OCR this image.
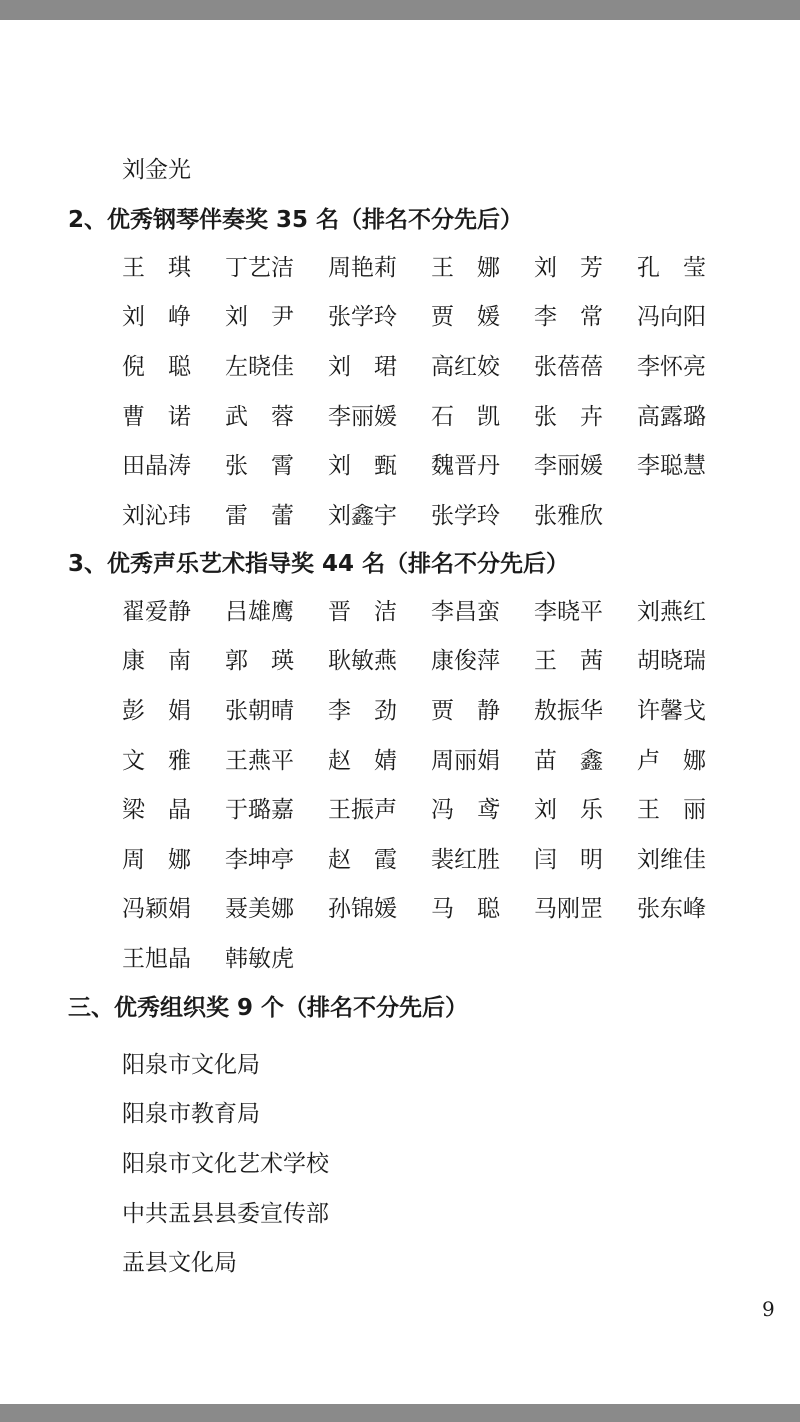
刘金光
2、优秀钢琴伴奏奖 35 名（排名不分先后）
王　琪	丁艺洁	周艳莉	王　娜	刘　芳	孔　莹
刘　峥	刘　尹	张学玲	贾　媛	李　常	冯向阳
倪　聪	左晓佳	刘　珺	高红姣	张蓓蓓	李怀亮
曹　诺	武　蓉	李丽媛	石　凯	张　卉	高露璐
田晶涛	张　霄	刘　甄	魏晋丹	李丽媛	李聪慧
刘沁玮	雷　蕾	刘鑫宇	张学玲	张雅欣
3、优秀声乐艺术指导奖 44 名（排名不分先后）
翟爱静	吕雄鹰	晋　洁	李昌蛮	李晓平	刘燕红
康　南	郭　瑛	耿敏燕	康俊萍	王　茜	胡晓瑞
彭　娟	张朝晴	李　劲	贾　静	敖振华	许馨戈
文　雅	王燕平	赵　婧	周丽娟	苗　鑫	卢　娜
梁　晶	于璐嘉	王振声	冯　鸢	刘　乐	王　丽
周　娜	李坤亭	赵　霞	裴红胜	闫　明	刘维佳
冯颖娟	聂美娜	孙锦媛	马　聪	马刚罡	张东峰
王旭晶	韩敏虎
三、优秀组织奖 9 个（排名不分先后）
阳泉市文化局
阳泉市教育局
阳泉市文化艺术学校
中共盂县县委宣传部
盂县文化局
9
